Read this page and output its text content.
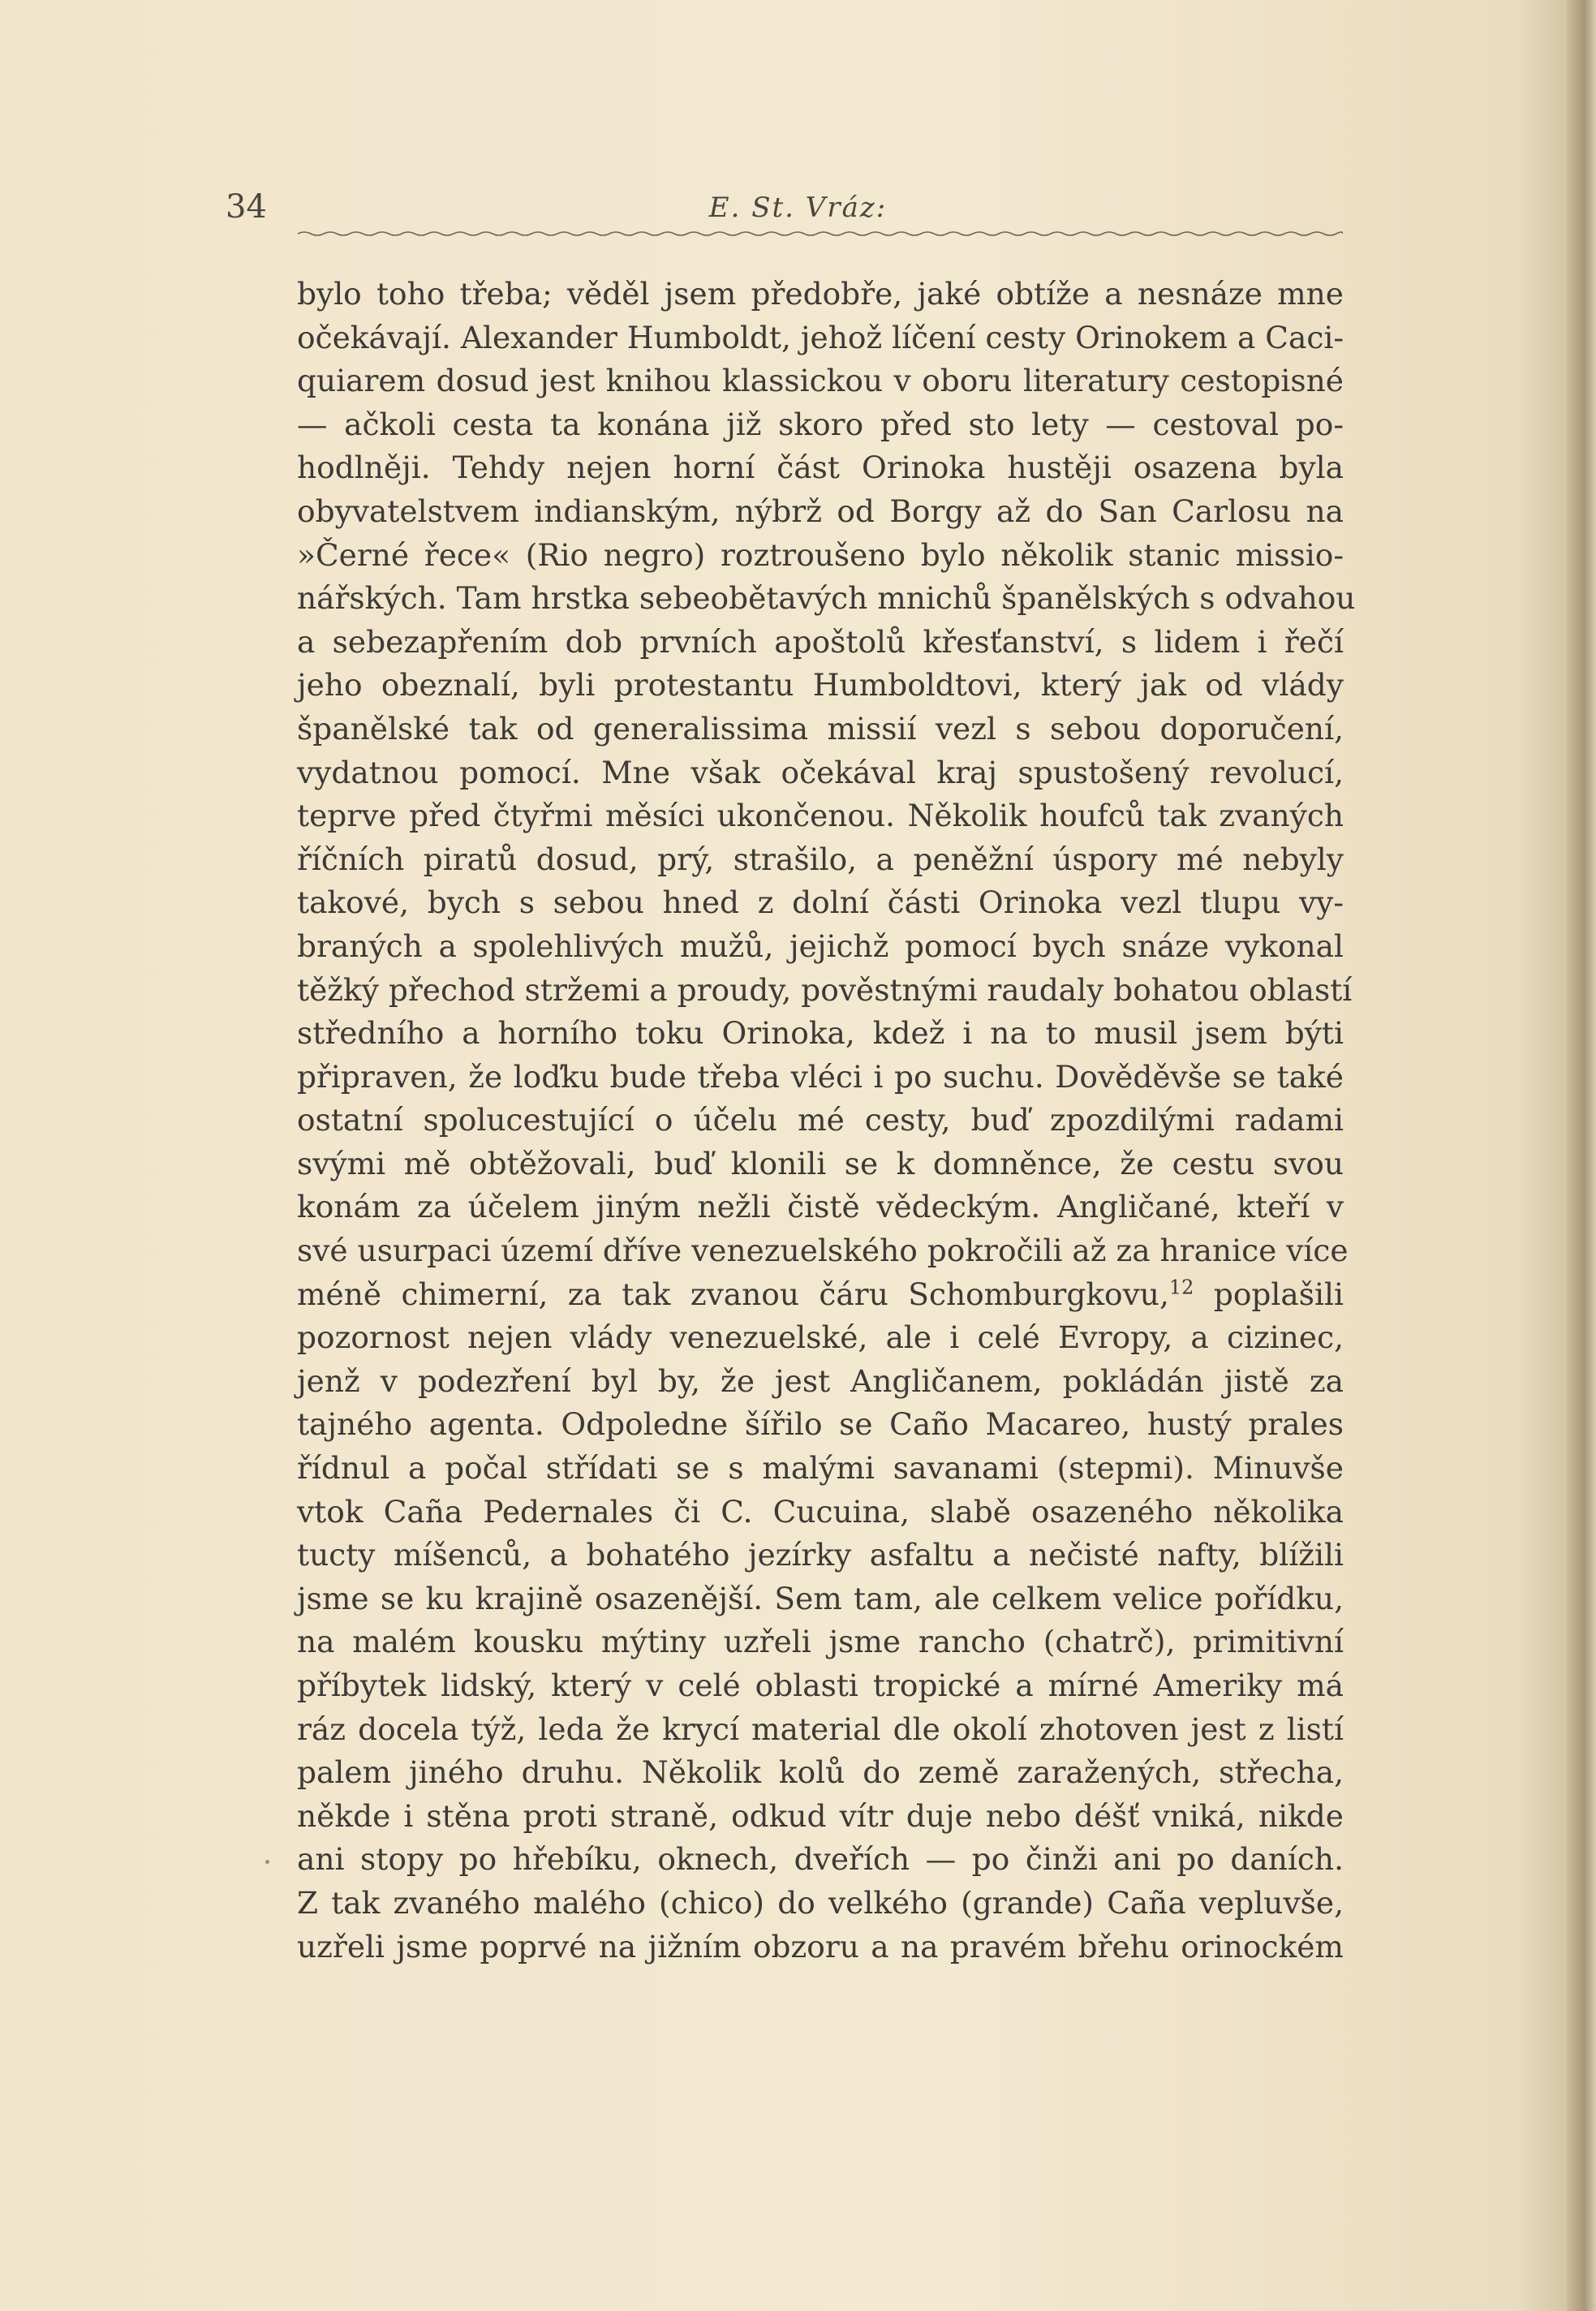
34	E. St. Vráz:
bylo toho třeba; věděl jsem předobře, jaké obtíže a nesnáze mne
očekávají. Alexander Humboldt, jehož líčení cesty Orinokem a Caci-
quiarem dosud jest knihou klassickou v oboru literatury cestopisné
— ačkoli cesta ta konána již skoro před sto lety — cestoval po-
hodlněji. Tehdy nejen horní část Orinoka hustěji osazena byla
obyvatelstvem indianským, nýbrž od Borgy až do San Carlosu na
»Černé řece« (Rio negro) roztroušeno bylo několik stanic missio-
nářských. Tam hrstka sebeobětavých mnichů španělských s odvahou
a sebezapřením dob prvních apoštolů křesťanství, s lidem i řečí
jeho obeznalí, byli protestantu Humboldtovi, který jak od vlády
španělské tak od generalissima missií vezl s sebou doporučení,
vydatnou pomocí. Mne však očekával kraj spustošený revolucí,
teprve před čtyřmi měsíci ukončenou. Několik houfců tak zvaných
říčních piratů dosud, prý, strašilo, a peněžní úspory mé nebyly
takové, bych s sebou hned z dolní části Orinoka vezl tlupu vy-
braných a spolehlivých mužů, jejichž pomocí bych snáze vykonal
těžký přechod stržemi a proudy, pověstnými raudaly bohatou oblastí
středního a horního toku Orinoka, kdež i na to musil jsem býti
připraven, že loďku bude třeba vléci i po suchu. Dověděvše se také
ostatní spolucestující o účelu mé cesty, buď zpozdilými radami
svými mě obtěžovali, buď klonili se k domněnce, že cestu svou
konám za účelem jiným nežli čistě vědeckým. Angličané, kteří v
své usurpaci území dříve venezuelského pokročili až za hranice více
méně chimerní, za tak zvanou čáru Schomburgkovu,$^{12}$ poplašili
pozornost nejen vlády venezuelské, ale i celé Evropy, a cizinec,
jenž v podezření byl by, že jest Angličanem, pokládán jistě za
tajného agenta. Odpoledne šířilo se Caño Macareo, hustý prales
řídnul a počal střídati se s malými savanami (stepmi). Minuvše
vtok Caña Pedernales či C. Cucuina, slabě osazeného několika
tucty míšenců, a bohatého jezírky asfaltu a nečisté nafty, blížili
jsme se ku krajině osazenější. Sem tam, ale celkem velice pořídku,
na malém kousku mýtiny uzřeli jsme rancho (chatrč), primitivní
příbytek lidský, který v celé oblasti tropické a mírné Ameriky má
ráz docela týž, leda že krycí material dle okolí zhotoven jest z listí
palem jiného druhu. Několik kolů do země zaražených, střecha,
někde i stěna proti straně, odkud vítr duje nebo déšť vniká, nikde
ani stopy po hřebíku, oknech, dveřích — po činži ani po daních.
Z tak zvaného malého (chico) do velkého (grande) Caña vepluvše,
uzřeli jsme poprvé na jižním obzoru a na pravém břehu orinockém
